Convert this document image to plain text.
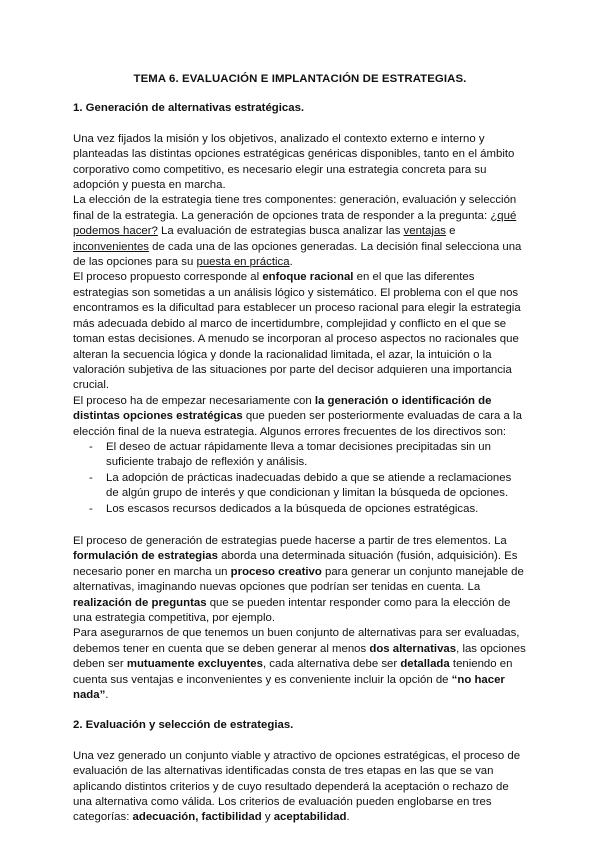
TEMA 6. EVALUACIÓN E IMPLANTACIÓN DE ESTRATEGIAS.
1. Generación de alternativas estratégicas.

Una vez fijados la misión y los objetivos, analizado el contexto externo e interno y planteadas las distintas opciones estratégicas genéricas disponibles, tanto en el ámbito corporativo como competitivo, es necesario elegir una estrategia concreta para su adopción y puesta en marcha.

La elección de la estrategia tiene tres componentes: generación, evaluación y selección final de la estrategia. La generación de opciones trata de responder a la pregunta: ¿qué podemos hacer? La evaluación de estrategias busca analizar las ventajas e inconvenientes de cada una de las opciones generadas. La decisión final selecciona una de las opciones para su puesta en práctica.

El proceso propuesto corresponde al enfoque racional en el que las diferentes estrategias son sometidas a un análisis lógico y sistemático. El problema con el que nos encontramos es la dificultad para establecer un proceso racional para elegir la estrategia más adecuada debido al marco de incertidumbre, complejidad y conflicto en el que se toman estas decisiones. A menudo se incorporan al proceso aspectos no racionales que alteran la secuencia lógica y donde la racionalidad limitada, el azar, la intuición o la valoración subjetiva de las situaciones por parte del decisor adquieren una importancia crucial.

El proceso ha de empezar necesariamente con la generación o identificación de distintas opciones estratégicas que pueden ser posteriormente evaluadas de cara a la elección final de la nueva estrategia. Algunos errores frecuentes de los directivos son:

- El deseo de actuar rápidamente lleva a tomar decisiones precipitadas sin un suficiente trabajo de reflexión y análisis.
- La adopción de prácticas inadecuadas debido a que se atiende a reclamaciones de algún grupo de interés y que condicionan y limitan la búsqueda de opciones.
- Los escasos recursos dedicados a la búsqueda de opciones estratégicas.

El proceso de generación de estrategias puede hacerse a partir de tres elementos. La formulación de estrategias aborda una determinada situación (fusión, adquisición). Es necesario poner en marcha un proceso creativo para generar un conjunto manejable de alternativas, imaginando nuevas opciones que podrían ser tenidas en cuenta. La realización de preguntas que se pueden intentar responder como para la elección de una estrategia competitiva, por ejemplo.

Para asegurarnos de que tenemos un buen conjunto de alternativas para ser evaluadas, debemos tener en cuenta que se deben generar al menos dos alternativas, las opciones deben ser mutuamente excluyentes, cada alternativa debe ser detallada teniendo en cuenta sus ventajas e inconvenientes y es conveniente incluir la opción de “no hacer nada”.

2. Evaluación y selección de estrategias.

Una vez generado un conjunto viable y atractivo de opciones estratégicas, el proceso de evaluación de las alternativas identificadas consta de tres etapas en las que se van aplicando distintos criterios y de cuyo resultado dependerá la aceptación o rechazo de una alternativa como válida. Los criterios de evaluación pueden englobarse en tres categorías: adecuación, factibilidad y aceptabilidad.
